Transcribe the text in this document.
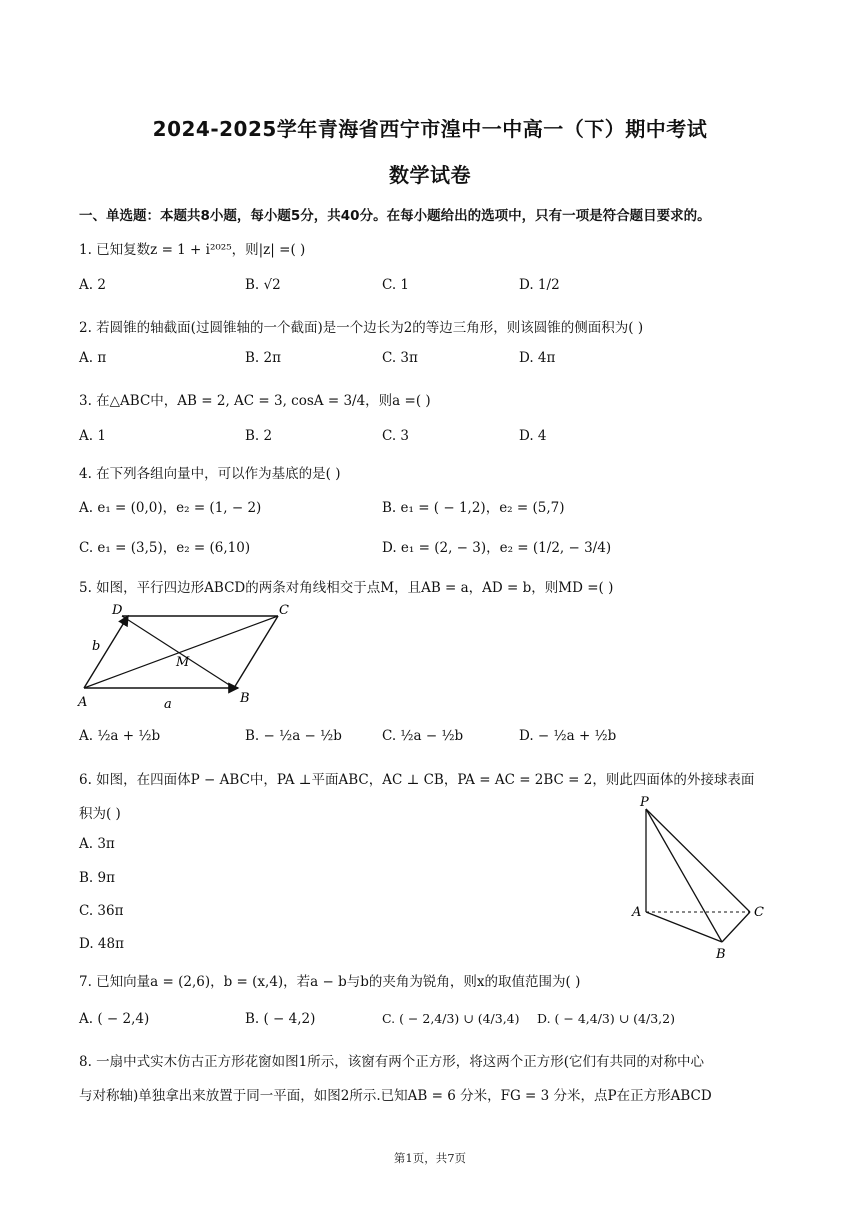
2024-2025学年青海省西宁市湟中一中高一（下）期中考试
数学试卷
一、单选题：本题共8小题，每小题5分，共40分。在每小题给出的选项中，只有一项是符合题目要求的。
1. 已知复数z = 1 + i²⁰²⁵，则|z| =( )
A. 2	B. √2	C. 1	D. 1/2
2. 若圆锥的轴截面(过圆锥轴的一个截面)是一个边长为2的等边三角形，则该圆锥的侧面积为( )
A. π	B. 2π	C. 3π	D. 4π
3. 在△ABC中，AB = 2, AC = 3, cosA = 3/4，则a =( )
A. 1	B. 2	C. 3	D. 4
4. 在下列各组向量中，可以作为基底的是( )
A. e₁ = (0,0)，e₂ = (1, − 2)	B. e₁ = ( − 1,2)，e₂ = (5,7)
C. e₁ = (3,5)，e₂ = (6,10)	D. e₁ = (2, − 3)，e₂ = (1/2, − 3/4)
5. 如图，平行四边形ABCD的两条对角线相交于点M，且AB = a，AD = b，则MD =( )
D	C
b
M
A	a	B
A. ½a + ½b	B. − ½a − ½b	C. ½a − ½b	D. − ½a + ½b
6. 如图，在四面体P − ABC中，PA ⊥平面ABC，AC ⊥ CB，PA = AC = 2BC = 2，则此四面体的外接球表面
积为( )
A. 3π
B. 9π
C. 36π
D. 48π
P
A	C
B
7. 已知向量a = (2,6)，b = (x,4)，若a − b与b的夹角为锐角，则x的取值范围为( )
A. ( − 2,4)	B. ( − 4,2)	C. ( − 2,4/3) ∪ (4/3,4) D. ( − 4,4/3) ∪ (4/3,2)
8. 一扇中式实木仿古正方形花窗如图1所示，该窗有两个正方形，将这两个正方形(它们有共同的对称中心
与对称轴)单独拿出来放置于同一平面，如图2所示.已知AB = 6 分米，FG = 3 分米，点P在正方形ABCD
第1页，共7页
